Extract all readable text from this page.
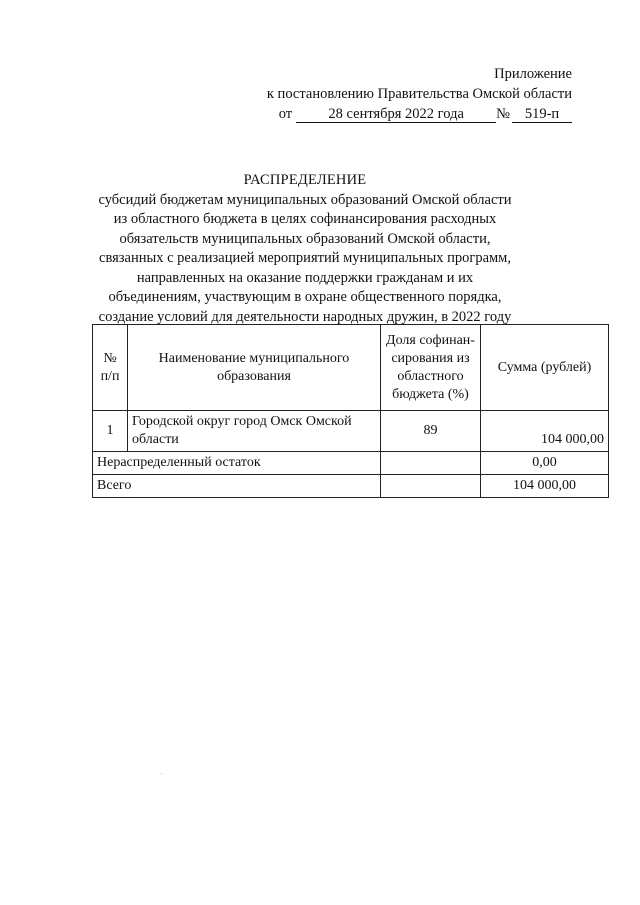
Приложение
к постановлению Правительства Омской области
от	28 сентября 2022 года	№	519-п
РАСПРЕДЕЛЕНИЕ
субсидий бюджетам муниципальных образований Омской области из областного бюджета в целях софинансирования расходных обязательств муниципальных образований Омской области, связанных с реализацией мероприятий муниципальных программ, направленных на оказание поддержки гражданам и их объединениям, участвующим в охране общественного порядка, создание условий для деятельности народных дружин, в 2022 году
№ п/п	Наименование муниципального образования	Доля софинан-сирования из областного бюджета (%)	Сумма (рублей)
1	Городской округ город Омск Омской области	89	104 000,00
Нераспределенный остаток			0,00
Всего			104 000,00
